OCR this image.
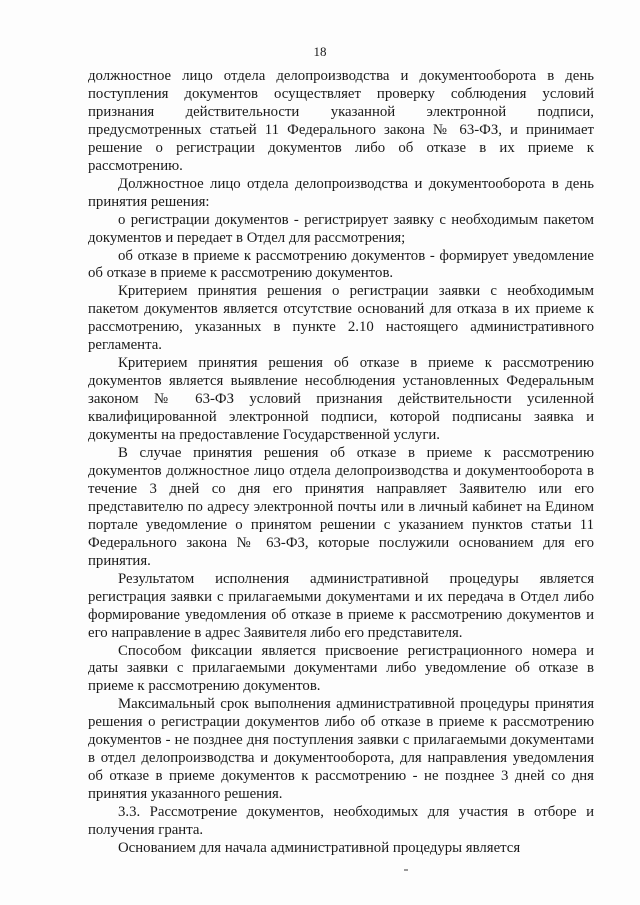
18

должностное лицо отдела делопроизводства и документооборота в день поступления документов осуществляет проверку соблюдения условий признания действительности указанной электронной подписи, предусмотренных статьей 11 Федерального закона № 63-ФЗ, и принимает решение о регистрации документов либо об отказе в их приеме к рассмотрению.

Должностное лицо отдела делопроизводства и документооборота в день принятия решения:

о регистрации документов - регистрирует заявку с необходимым пакетом документов и передает в Отдел для рассмотрения;

об отказе в приеме к рассмотрению документов - формирует уведомление об отказе в приеме к рассмотрению документов.

Критерием принятия решения о регистрации заявки с необходимым пакетом документов является отсутствие оснований для отказа в их приеме к рассмотрению, указанных в пункте 2.10 настоящего административного регламента.

Критерием принятия решения об отказе в приеме к рассмотрению документов является выявление несоблюдения установленных Федеральным законом № 63-ФЗ условий признания действительности усиленной квалифицированной электронной подписи, которой подписаны заявка и документы на предоставление Государственной услуги.

В случае принятия решения об отказе в приеме к рассмотрению документов должностное лицо отдела делопроизводства и документооборота в течение 3 дней со дня его принятия направляет Заявителю или его представителю по адресу электронной почты или в личный кабинет на Едином портале уведомление о принятом решении с указанием пунктов статьи 11 Федерального закона № 63-ФЗ, которые послужили основанием для его принятия.

Результатом исполнения административной процедуры является регистрация заявки с прилагаемыми документами и их передача в Отдел либо формирование уведомления об отказе в приеме к рассмотрению документов и его направление в адрес Заявителя либо его представителя.

Способом фиксации является присвоение регистрационного номера и даты заявки с прилагаемыми документами либо уведомление об отказе в приеме к рассмотрению документов.

Максимальный срок выполнения административной процедуры принятия решения о регистрации документов либо об отказе в приеме к рассмотрению документов - не позднее дня поступления заявки с прилагаемыми документами в отдел делопроизводства и документооборота, для направления уведомления об отказе в приеме документов к рассмотрению - не позднее 3 дней со дня принятия указанного решения.

3.3. Рассмотрение документов, необходимых для участия в отборе и получения гранта.

Основанием для начала административной процедуры является
